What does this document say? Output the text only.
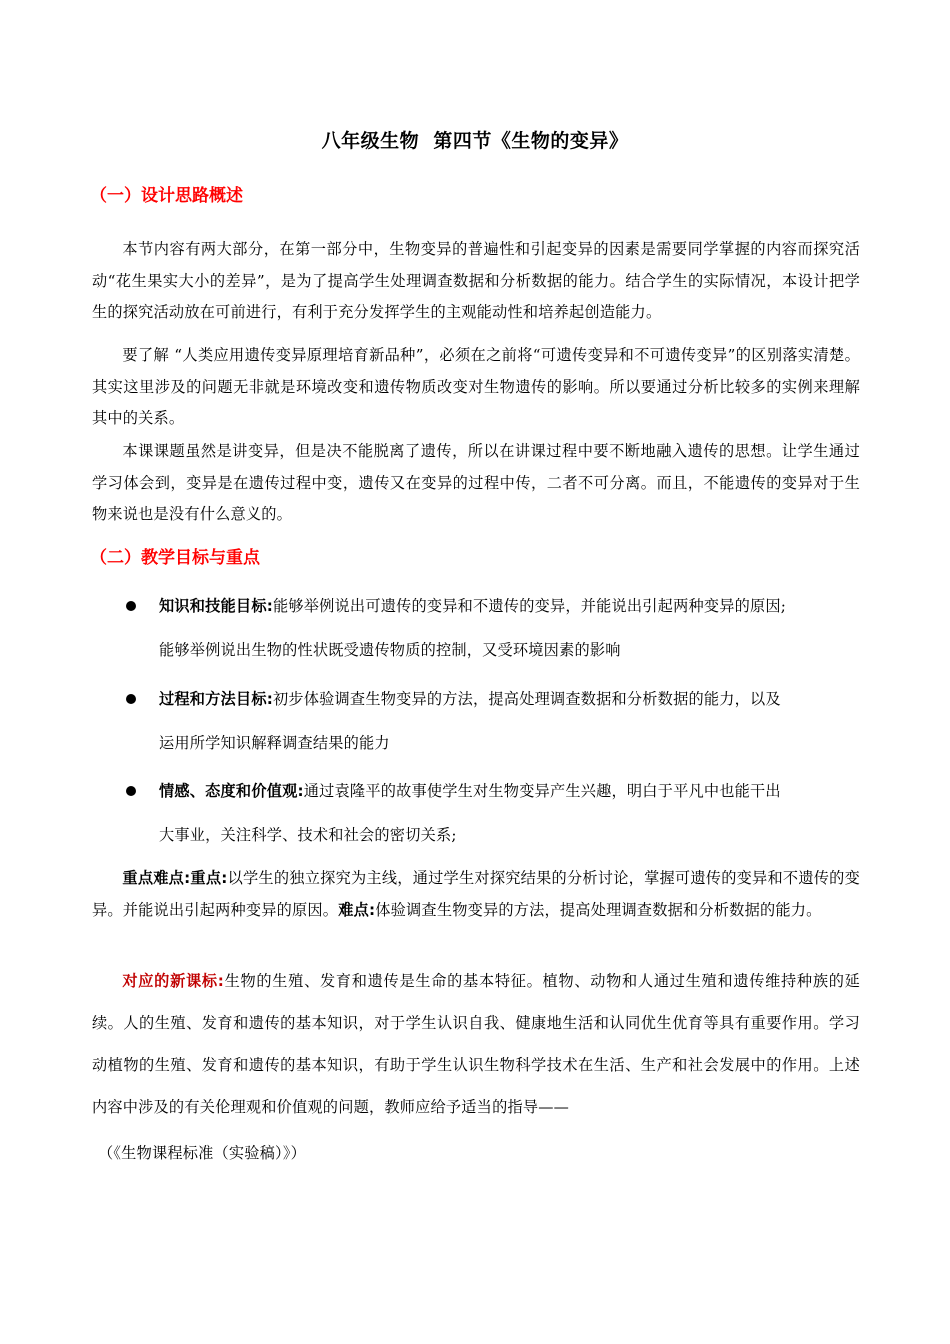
八年级生物  第四节《生物的变异》
（一）设计思路概述

本节内容有两大部分，在第一部分中，生物变异的普遍性和引起变异的因素是需要同学掌握的内容而探究活动“花生果实大小的差异”，是为了提高学生处理调查数据和分析数据的能力。结合学生的实际情况，本设计把学生的探究活动放在可前进行，有利于充分发挥学生的主观能动性和培养起创造能力。

要了解 “人类应用遗传变异原理培育新品种”，必须在之前将“可遗传变异和不可遗传变异”的区别落实清楚。其实这里涉及的问题无非就是环境改变和遗传物质改变对生物遗传的影响。所以要通过分析比较多的实例来理解其中的关系。

本课课题虽然是讲变异，但是决不能脱离了遗传，所以在讲课过程中要不断地融入遗传的思想。让学生通过学习体会到，变异是在遗传过程中变，遗传又在变异的过程中传，二者不可分离。而且，不能遗传的变异对于生物来说也是没有什么意义的。

（二）教学目标与重点
知识和技能目标:能够举例说出可遗传的变异和不遗传的变异，并能说出引起两种变异的原因;
能够举例说出生物的性状既受遗传物质的控制，又受环境因素的影响
过程和方法目标:初步体验调查生物变异的方法，提高处理调查数据和分析数据的能力，以及
运用所学知识解释调查结果的能力
情感、态度和价值观:通过袁隆平的故事使学生对生物变异产生兴趣，明白于平凡中也能干出
大事业，关注科学、技术和社会的密切关系;

重点难点:重点:以学生的独立探究为主线，通过学生对探究结果的分析讨论，掌握可遗传的变异和不遗传的变异。并能说出引起两种变异的原因。难点:体验调查生物变异的方法，提高处理调查数据和分析数据的能力。

对应的新课标:生物的生殖、发育和遗传是生命的基本特征。植物、动物和人通过生殖和遗传维持种族的延续。人的生殖、发育和遗传的基本知识，对于学生认识自我、健康地生活和认同优生优育等具有重要作用。学习动植物的生殖、发育和遗传的基本知识，有助于学生认识生物科学技术在生活、生产和社会发展中的作用。上述内容中涉及的有关伦理观和价值观的问题，教师应给予适当的指导——

（《生物课程标准（实验稿）》）
